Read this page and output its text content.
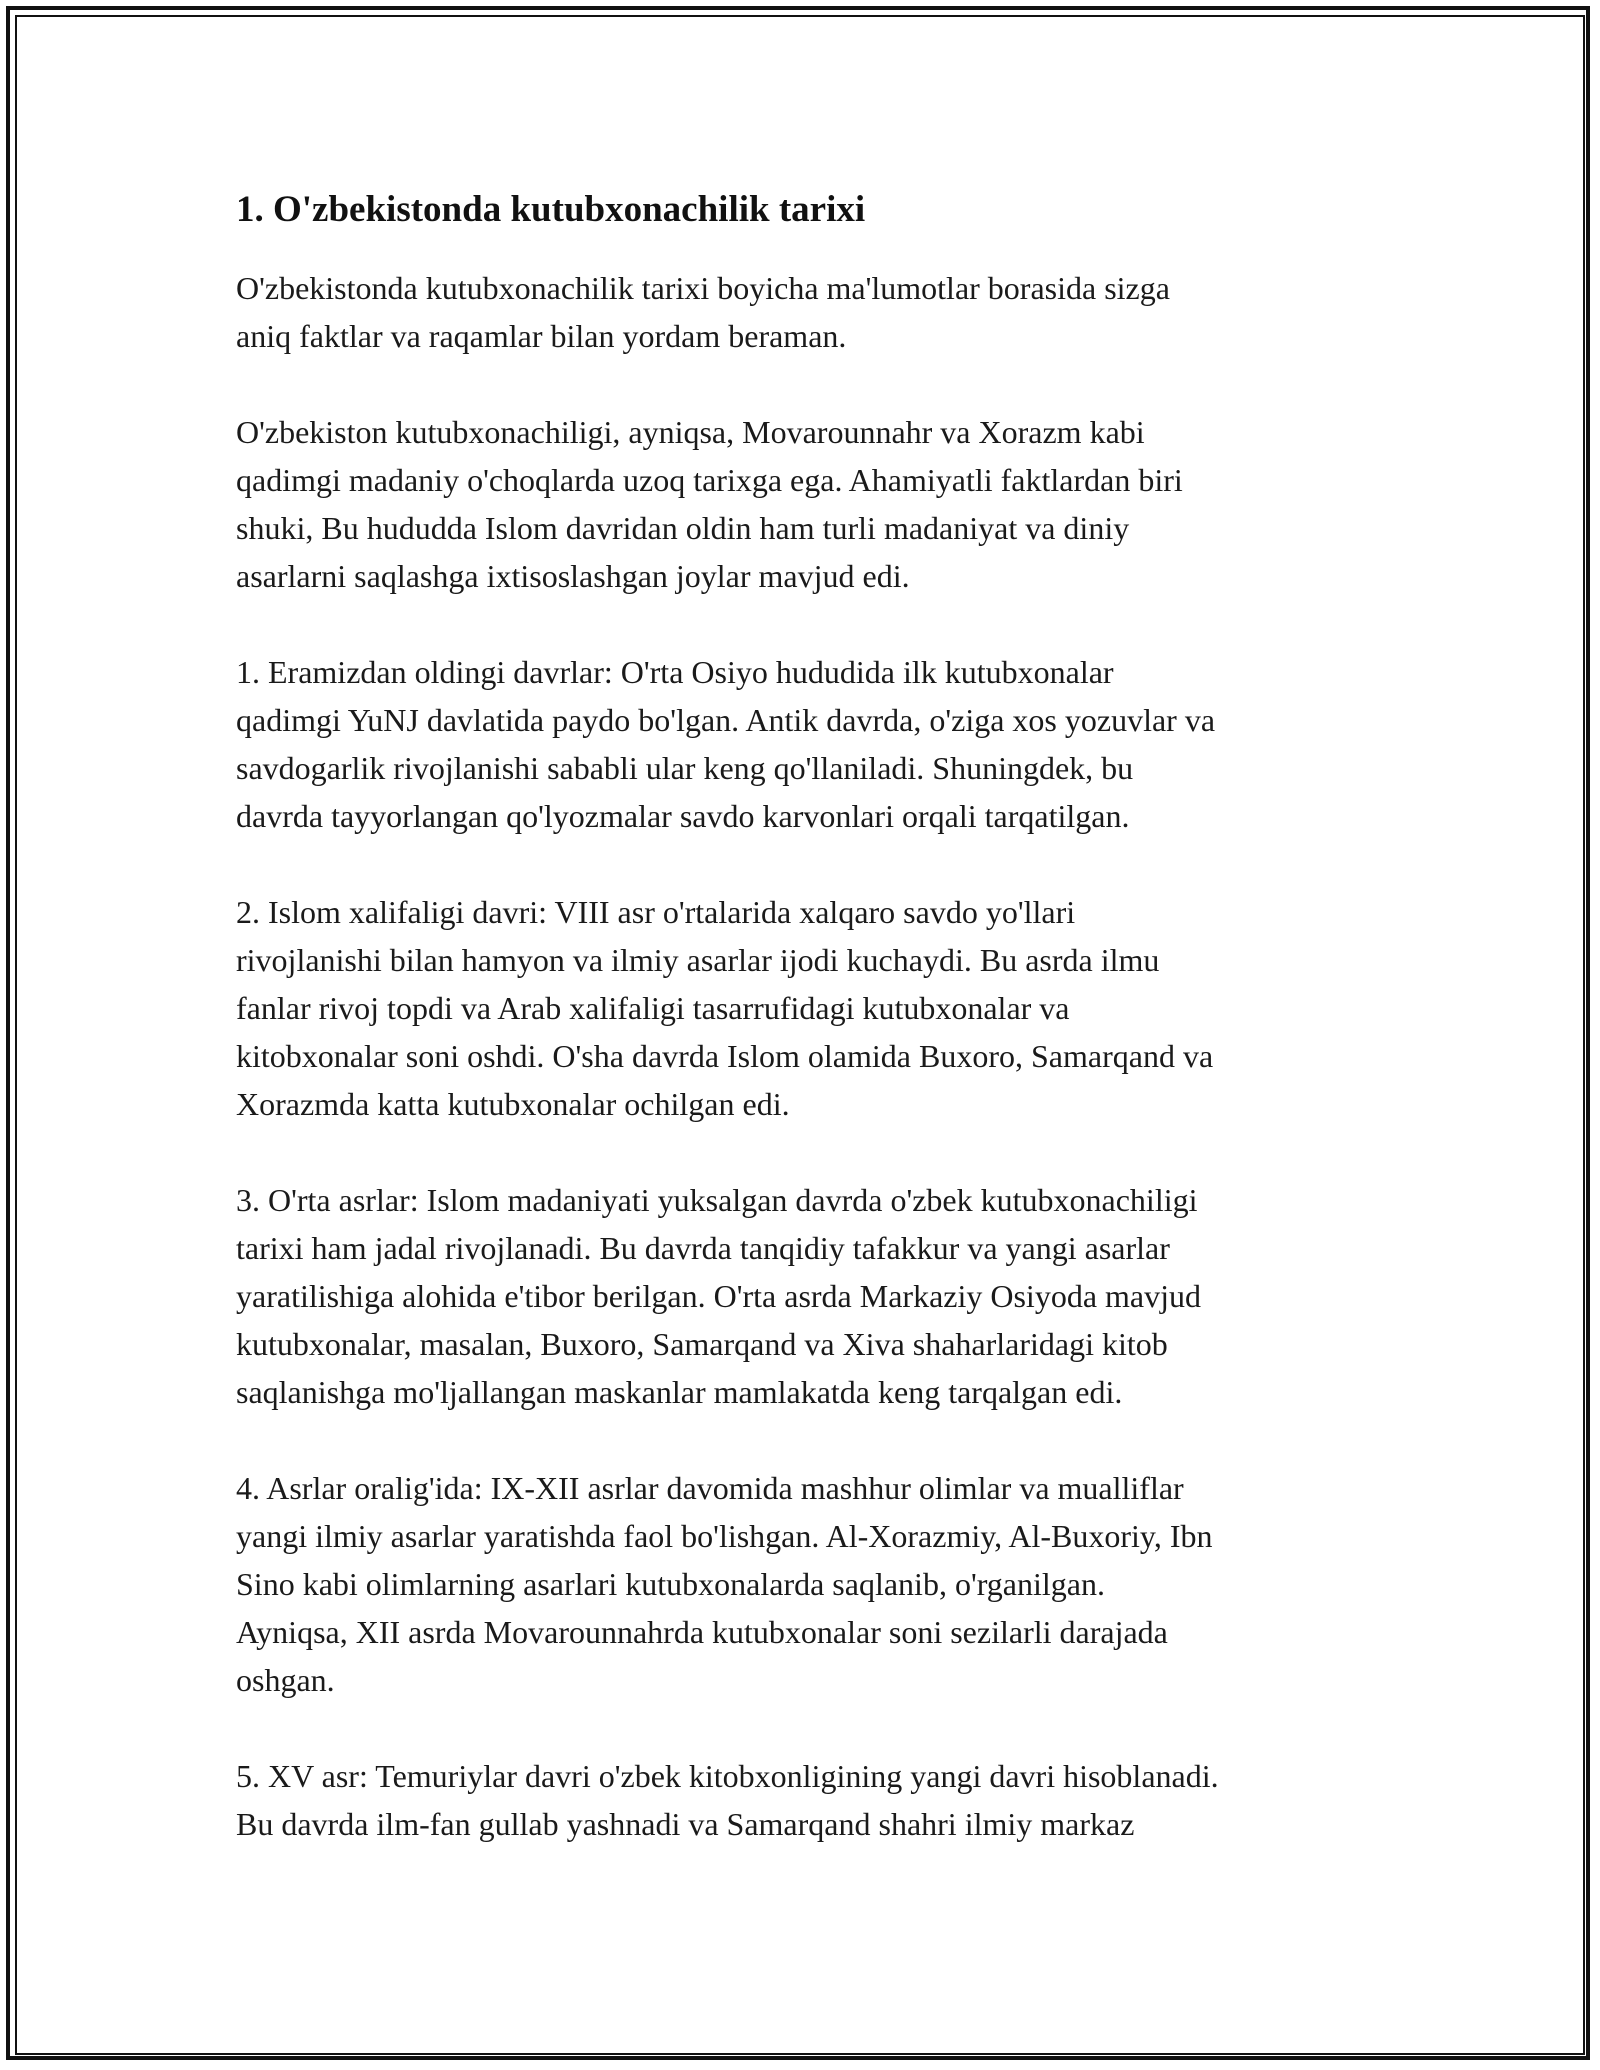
1. O'zbekistonda kutubxonachilik tarixi

O'zbekistonda kutubxonachilik tarixi boyicha ma'lumotlar borasida sizga
aniq faktlar va raqamlar bilan yordam beraman.

O'zbekiston kutubxonachiligi, ayniqsa, Movarounnahr va Xorazm kabi
qadimgi madaniy o'choqlarda uzoq tarixga ega. Ahamiyatli faktlardan biri
shuki, Bu hududda Islom davridan oldin ham turli madaniyat va diniy
asarlarni saqlashga ixtisoslashgan joylar mavjud edi.

1. Eramizdan oldingi davrlar: O'rta Osiyo hududida ilk kutubxonalar
qadimgi YuNJ davlatida paydo bo'lgan. Antik davrda, o'ziga xos yozuvlar va
savdogarlik rivojlanishi sababli ular keng qo'llaniladi. Shuningdek, bu
davrda tayyorlangan qo'lyozmalar savdo karvonlari orqali tarqatilgan.

2. Islom xalifaligi davri: VIII asr o'rtalarida xalqaro savdo yo'llari
rivojlanishi bilan hamyon va ilmiy asarlar ijodi kuchaydi. Bu asrda ilmu
fanlar rivoj topdi va Arab xalifaligi tasarrufidagi kutubxonalar va
kitobxonalar soni oshdi. O'sha davrda Islom olamida Buxoro, Samarqand va
Xorazmda katta kutubxonalar ochilgan edi.

3. O'rta asrlar: Islom madaniyati yuksalgan davrda o'zbek kutubxonachiligi
tarixi ham jadal rivojlanadi. Bu davrda tanqidiy tafakkur va yangi asarlar
yaratilishiga alohida e'tibor berilgan. O'rta asrda Markaziy Osiyoda mavjud
kutubxonalar, masalan, Buxoro, Samarqand va Xiva shaharlaridagi kitob
saqlanishga mo'ljallangan maskanlar mamlakatda keng tarqalgan edi.

4. Asrlar oralig'ida: IX-XII asrlar davomida mashhur olimlar va mualliflar
yangi ilmiy asarlar yaratishda faol bo'lishgan. Al-Xorazmiy, Al-Buxoriy, Ibn
Sino kabi olimlarning asarlari kutubxonalarda saqlanib, o'rganilgan.
Ayniqsa, XII asrda Movarounnahrda kutubxonalar soni sezilarli darajada
oshgan.

5. XV asr: Temuriylar davri o'zbek kitobxonligining yangi davri hisoblanadi.
Bu davrda ilm-fan gullab yashnadi va Samarqand shahri ilmiy markaz
